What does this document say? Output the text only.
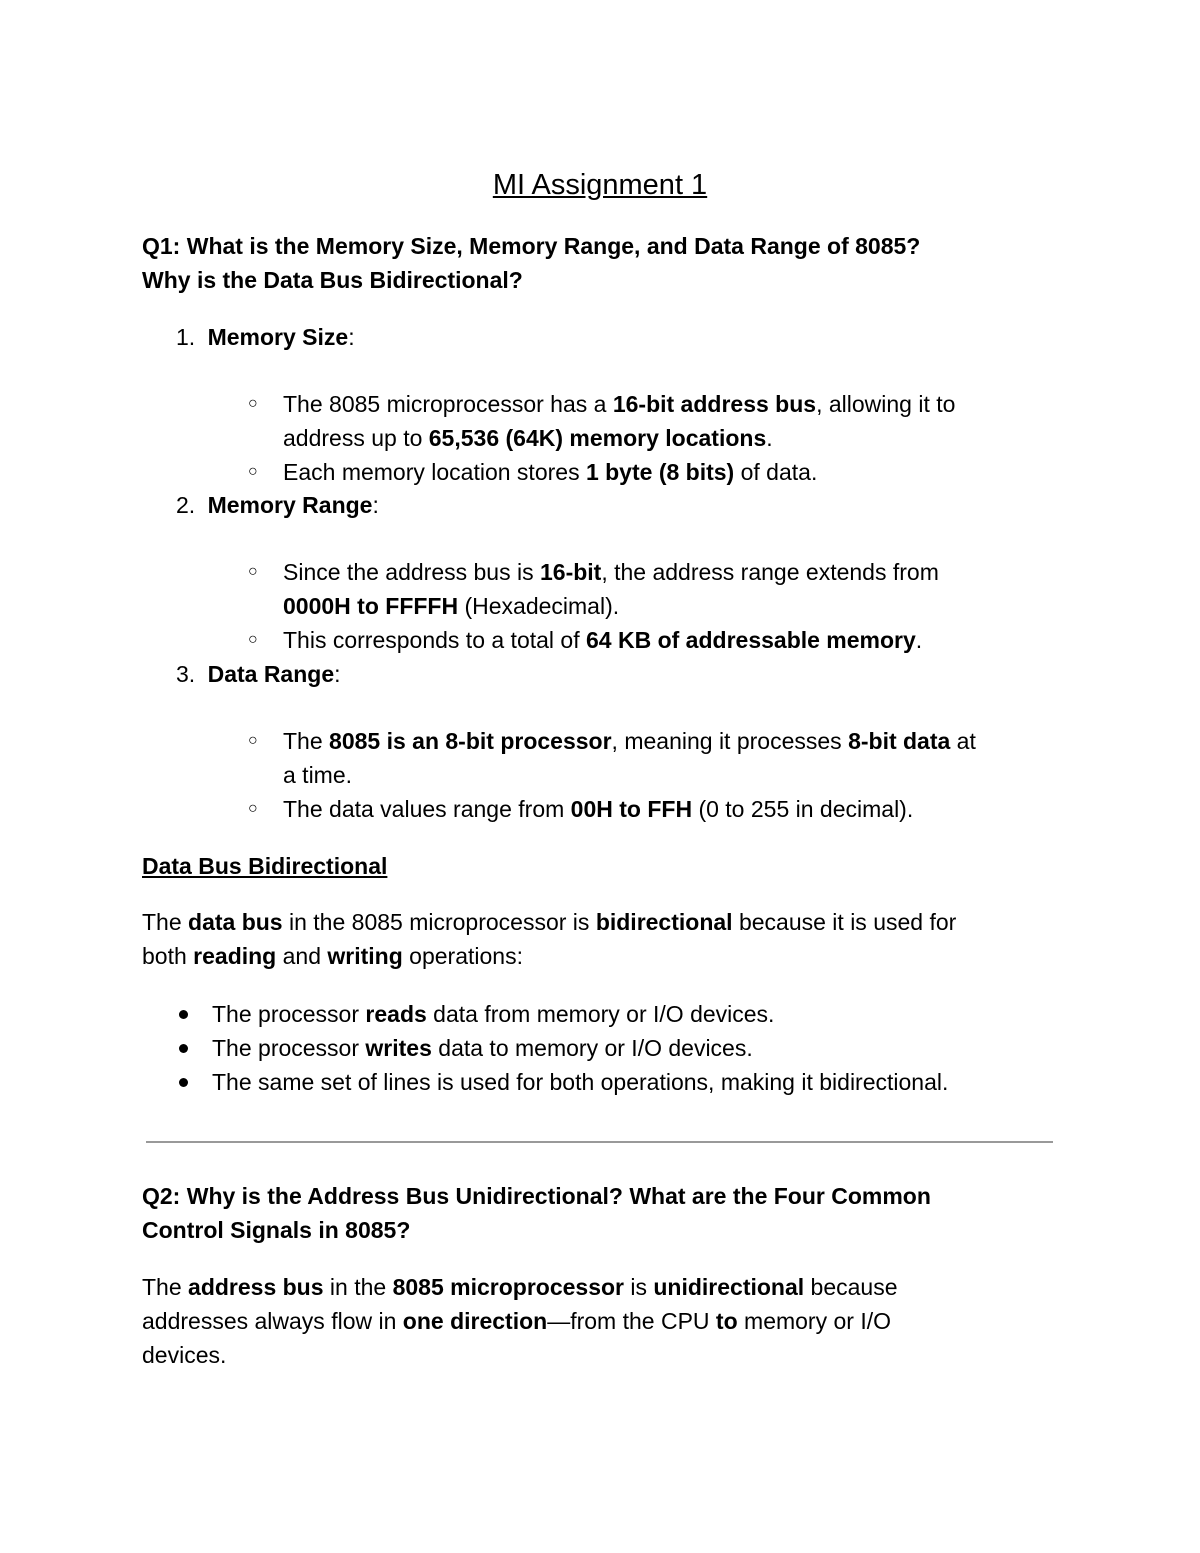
MI Assignment 1
Q1: What is the Memory Size, Memory Range, and Data Range of 8085?
Why is the Data Bus Bidirectional?
1. Memory Size:
○ The 8085 microprocessor has a 16-bit address bus, allowing it to
address up to 65,536 (64K) memory locations.
○ Each memory location stores 1 byte (8 bits) of data.
2. Memory Range:
○ Since the address bus is 16-bit, the address range extends from
0000H to FFFFH (Hexadecimal).
○ This corresponds to a total of 64 KB of addressable memory.
3. Data Range:
○ The 8085 is an 8-bit processor, meaning it processes 8-bit data at
a time.
○ The data values range from 00H to FFH (0 to 255 in decimal).
Data Bus Bidirectional
The data bus in the 8085 microprocessor is bidirectional because it is used for
both reading and writing operations:
The processor reads data from memory or I/O devices.
The processor writes data to memory or I/O devices.
The same set of lines is used for both operations, making it bidirectional.
Q2: Why is the Address Bus Unidirectional? What are the Four Common
Control Signals in 8085?
The address bus in the 8085 microprocessor is unidirectional because
addresses always flow in one direction—from the CPU to memory or I/O
devices.
